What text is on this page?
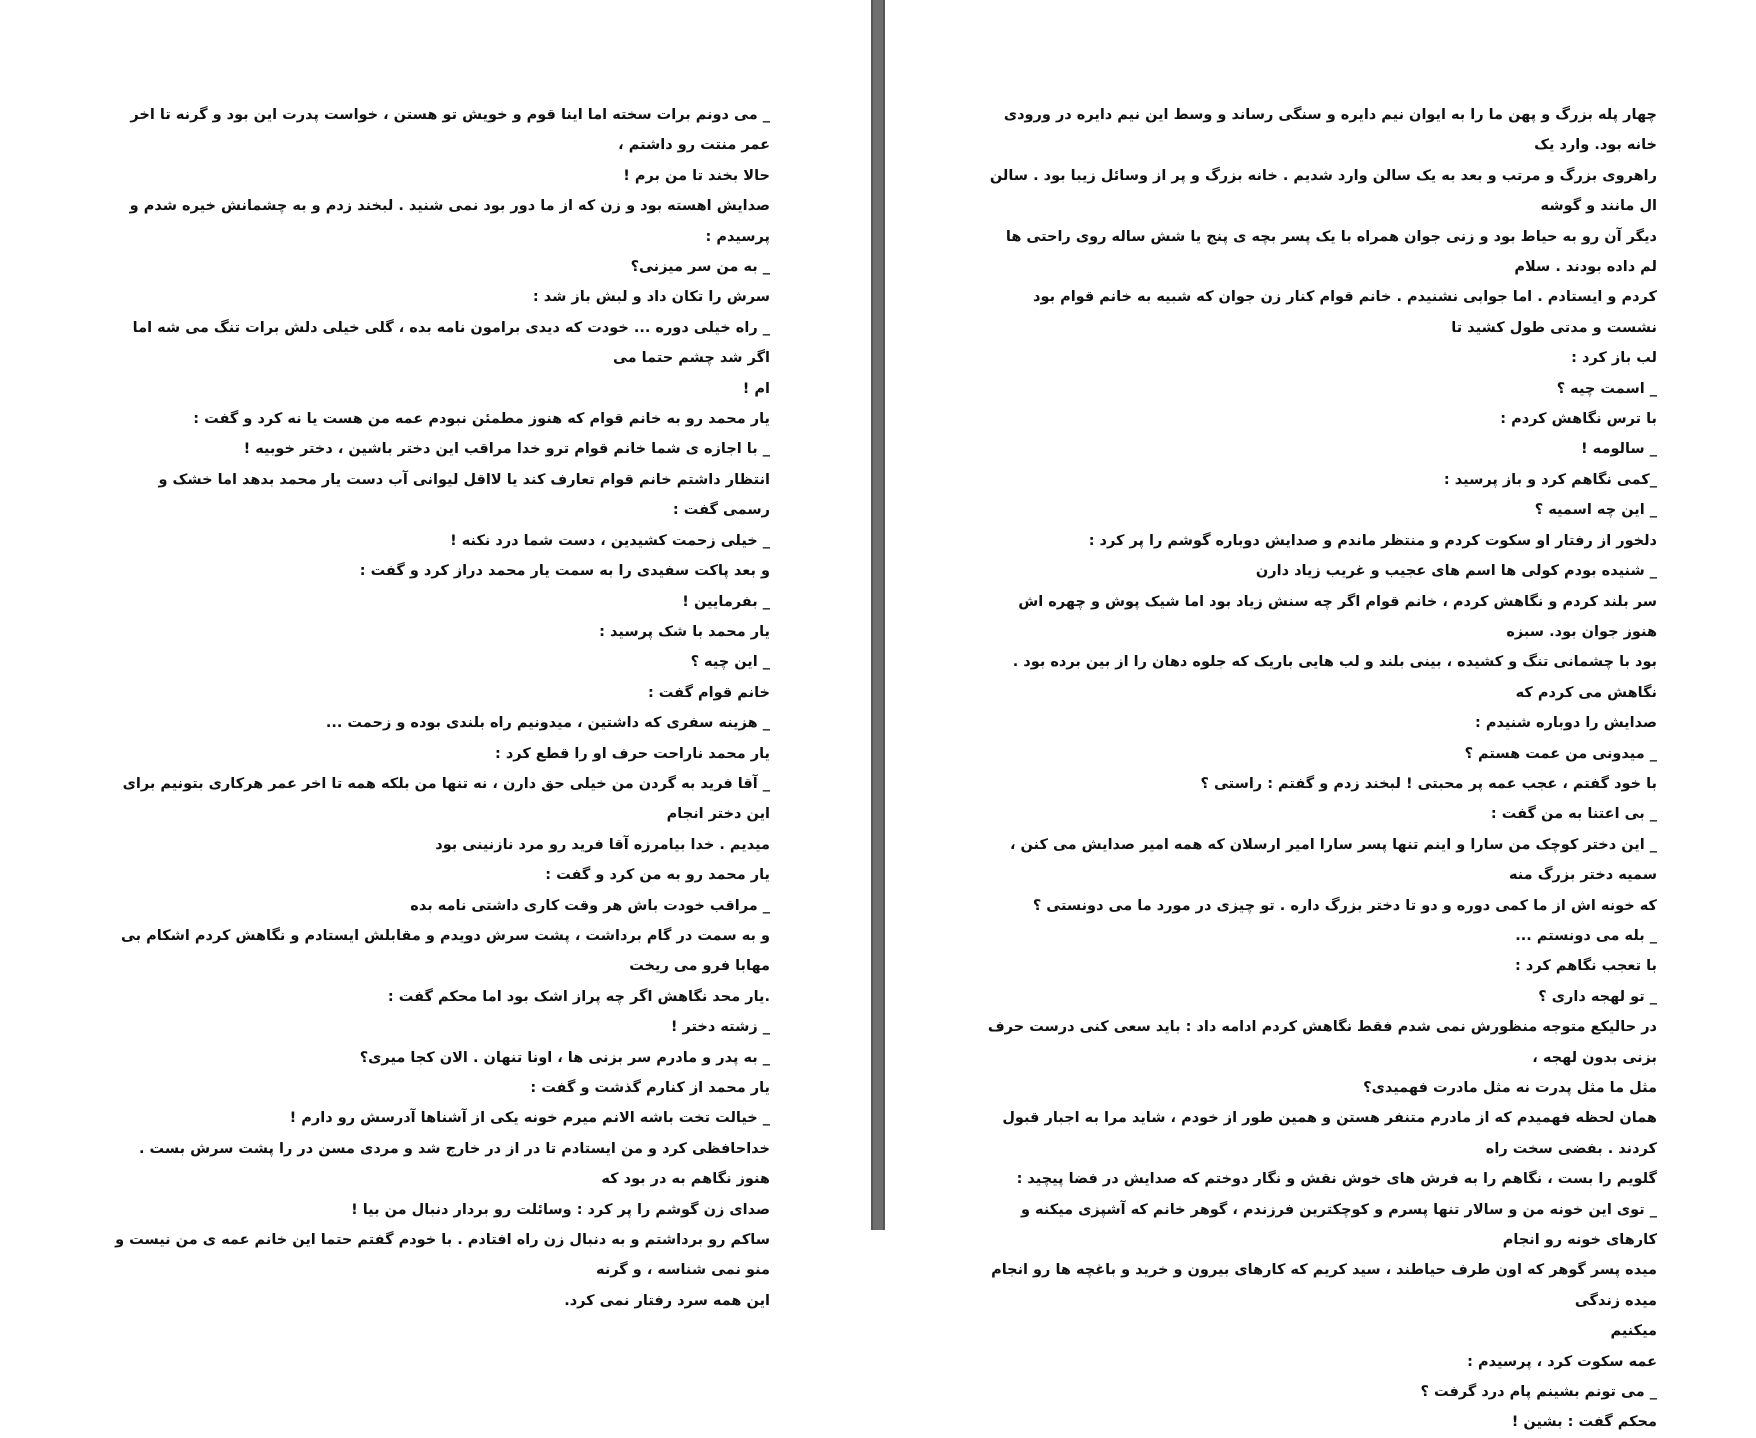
_ می دونم برات سخته اما اینا قوم و خویش تو هستن ، خواست پدرت این بود و گرنه تا اخر عمر منتت رو داشتم ،
حالا بخند تا من برم !
صدایش اهسته بود و زن که از ما دور بود نمی شنید . لبخند زدم و به چشمانش خیره شدم و پرسیدم :
_ به من سر میزنی؟
سرش را تکان داد و لبش باز شد :
_ راه خیلی دوره ... خودت که دیدی برامون نامه بده ، گلی خیلی دلش برات تنگ می شه اما اگر شد چشم حتما می
ام !
یار محمد رو به خانم قوام که هنوز مطمئن نبودم عمه من هست یا نه کرد و گفت :
_ با اجازه ی شما خانم قوام ترو خدا مراقب این دختر باشین ، دختر خوبیه !
انتظار داشتم خانم قوام تعارف کند یا لااقل لیوانی آب دست یار محمد بدهد اما خشک و رسمی گفت :
_ خیلی زحمت کشیدین ، دست شما درد نکنه !
و بعد پاکت سفیدی را به سمت یار محمد دراز کرد و گفت :
_ بفرمایین !
یار محمد با شک پرسید :
_ این چیه ؟
خانم قوام گفت :
_ هزینه سفری که داشتین ، میدونیم راه بلندی بوده و زحمت ...
یار محمد ناراحت حرف او را قطع کرد :
_ آقا فرید به گردن من خیلی حق دارن ، نه تنها من بلکه همه تا اخر عمر هرکاری بتونیم برای این دختر انجام
میدیم . خدا بیامرزه آقا فرید رو مرد نازنینی بود
یار محمد رو به من کرد و گفت :
_ مراقب خودت باش هر وقت کاری داشتی نامه بده
و به سمت در گام برداشت ، پشت سرش دویدم و مقابلش ایستادم و نگاهش کردم اشکام بی مهابا فرو می ریخت
.یار محد نگاهش اگر چه پراز اشک بود اما محکم گفت :
_ زشته دختر !
_ به پدر و مادرم سر بزنی ها ، اونا تنهان . الان کجا میری؟
یار محمد از کنارم گذشت و گفت :
_ خیالت تخت باشه الانم میرم خونه یکی از آشناها آدرسش رو دارم !
خداحافظی کرد و من ایستادم تا در از در خارج شد و مردی مسن در را پشت سرش بست . هنوز نگاهم به در بود که
صدای زن گوشم را پر کرد : وسائلت رو بردار دنبال من بیا !
ساکم رو برداشتم و به دنبال زن راه افتادم . با خودم گفتم حتما این خانم عمه ی من نیست و منو نمی شناسه ، و گرنه
این همه سرد رفتار نمی کرد.
چهار پله بزرگ و پهن ما را به ایوان نیم دایره و سنگی رساند و وسط این نیم دایره در ورودی خانه بود. وارد یک
راهروی بزرگ و مرتب و بعد به یک سالن وارد شدیم . خانه بزرگ و پر از وسائل زیبا بود . سالن ال مانند و گوشه
دیگر آن رو به حیاط بود و زنی جوان همراه با یک پسر بچه ی پنج یا شش ساله روی راحتی ها لم داده بودند . سلام
کردم و ایستادم . اما جوابی نشنیدم . خانم قوام کنار زن جوان که شبیه به خانم قوام بود نشست و مدتی طول کشید تا
لب باز کرد :
_ اسمت چیه ؟
با ترس نگاهش کردم :
_ سالومه !
_کمی نگاهم کرد و باز پرسید :
_ این چه اسمیه ؟
دلخور از رفتار او سکوت کردم و منتظر ماندم و صدایش دوباره گوشم را پر کرد :
_ شنیده بودم کولی ها اسم های عجیب و غریب زیاد دارن
سر بلند کردم و نگاهش کردم ، خانم قوام اگر چه سنش زیاد بود اما شیک پوش و چهره اش هنوز جوان بود. سبزه
بود با چشمانی تنگ و کشیده ، بینی بلند و لب هایی باریک که جلوه دهان را از بین برده بود . نگاهش می کردم که
صدایش را دوباره شنیدم :
_ میدونی من عمت هستم ؟
با خود گفتم ، عجب عمه پر محبتی ! لبخند زدم و گفتم : راستی ؟
_ بی اعتنا به من گفت :
_ این دختر کوچک من سارا و اینم تنها پسر سارا امیر ارسلان که همه امیر صدایش می کنن ، سمیه دختر بزرگ منه
که خونه اش از ما کمی دوره و دو تا دختر بزرگ داره . تو چیزی در مورد ما می دونستی ؟
_ بله می دونستم ...
با تعجب نگاهم کرد :
_ تو لهجه داری ؟
در حالیکع متوجه منظورش نمی شدم فقط نگاهش کردم ادامه داد : باید سعی کنی درست حرف بزنی بدون لهجه ،
مثل ما مثل پدرت نه مثل مادرت فهمیدی؟
همان لحظه فهمیدم که از مادرم متنفر هستن و همین طور از خودم ، شاید مرا به اجبار قبول کردند . بفضی سخت راه
گلویم را بست ، نگاهم را به فرش های خوش نقش و نگار دوختم که صدایش در فضا پیچید :
_ توی این خونه من و سالار تنها پسرم و کوچکترین فرزندم ، گوهر خانم که آشپزی میکنه و کارهای خونه رو انجام
میده پسر گوهر که اون طرف حیاطند ، سید کریم که کارهای بیرون و خرید و باغچه ها رو انجام میده زندگی
میکنیم
عمه سکوت کرد ، پرسیدم :
_ می تونم بشینم پام درد گرفت ؟
محکم گفت : بشین !
